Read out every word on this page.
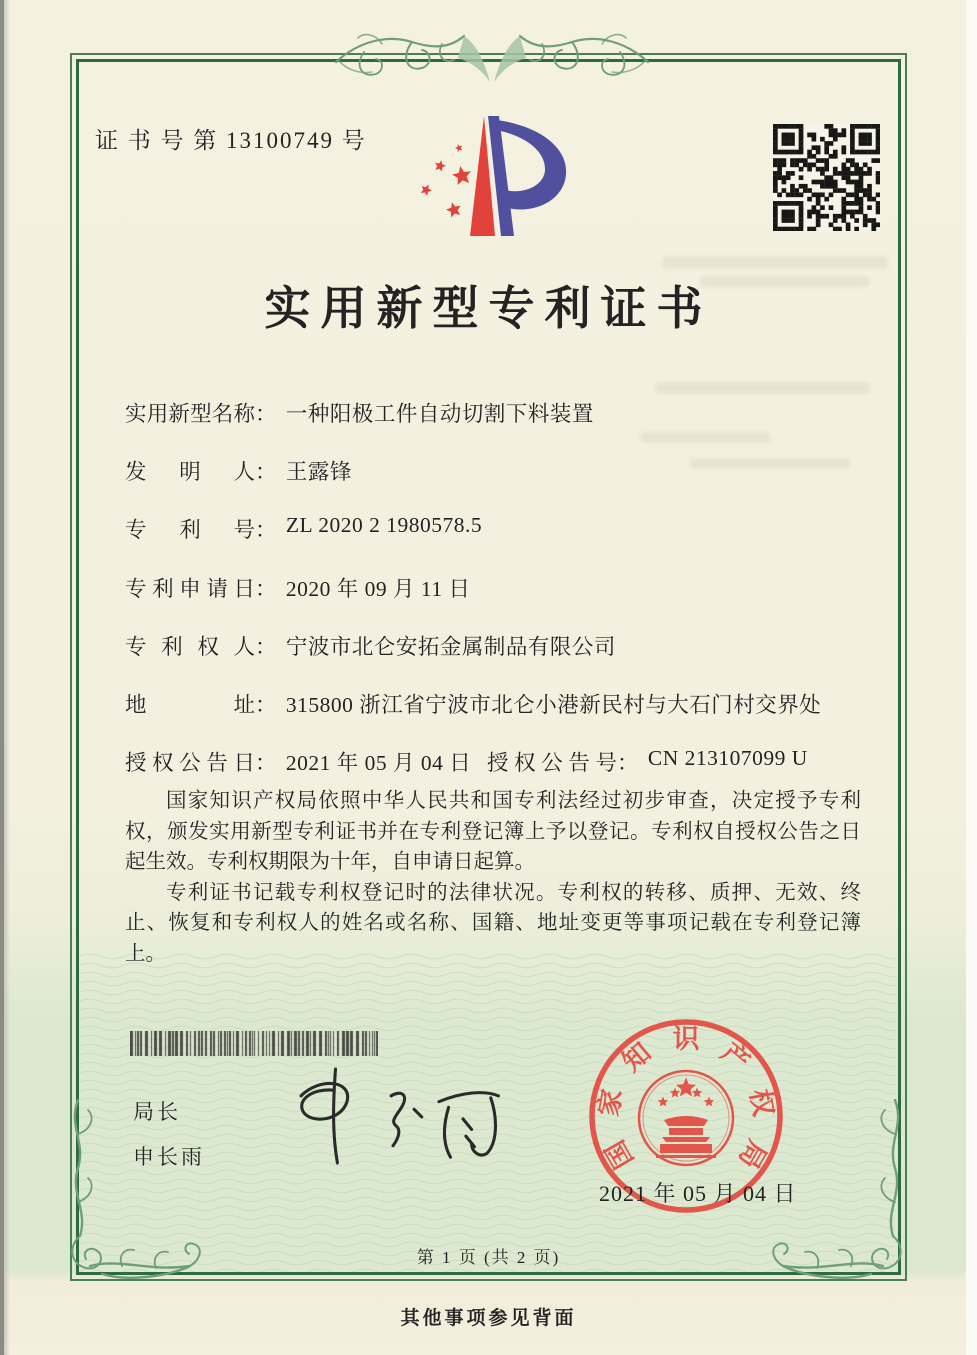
证 书 号 第 13100749 号
实用新型专利证书
实用新型名称： 一种阳极工件自动切割下料装置
发明人： 王露锋
专利号： ZL 2020 2 1980578.5
专利申请日： 2020 年 09 月 11 日
专利权人： 宁波市北仑安拓金属制品有限公司
地址： 315800 浙江省宁波市北仑小港新民村与大石门村交界处
授权公告日： 2021 年 05 月 04 日 授权公告号： CN 213107099 U

国家知识产权局依照中华人民共和国专利法经过初步审查，决定授予专利权，颁发实用新型专利证书并在专利登记簿上予以登记。专利权自授权公告之日起生效。专利权期限为十年，自申请日起算。

专利证书记载专利权登记时的法律状况。专利权的转移、质押、无效、终止、恢复和专利权人的姓名或名称、国籍、地址变更等事项记载在专利登记簿上。

局长
申长雨	国
家
知 识 产
权
局
2021 年 05 月 04 日
第 1 页 (共 2 页)
其他事项参见背面
